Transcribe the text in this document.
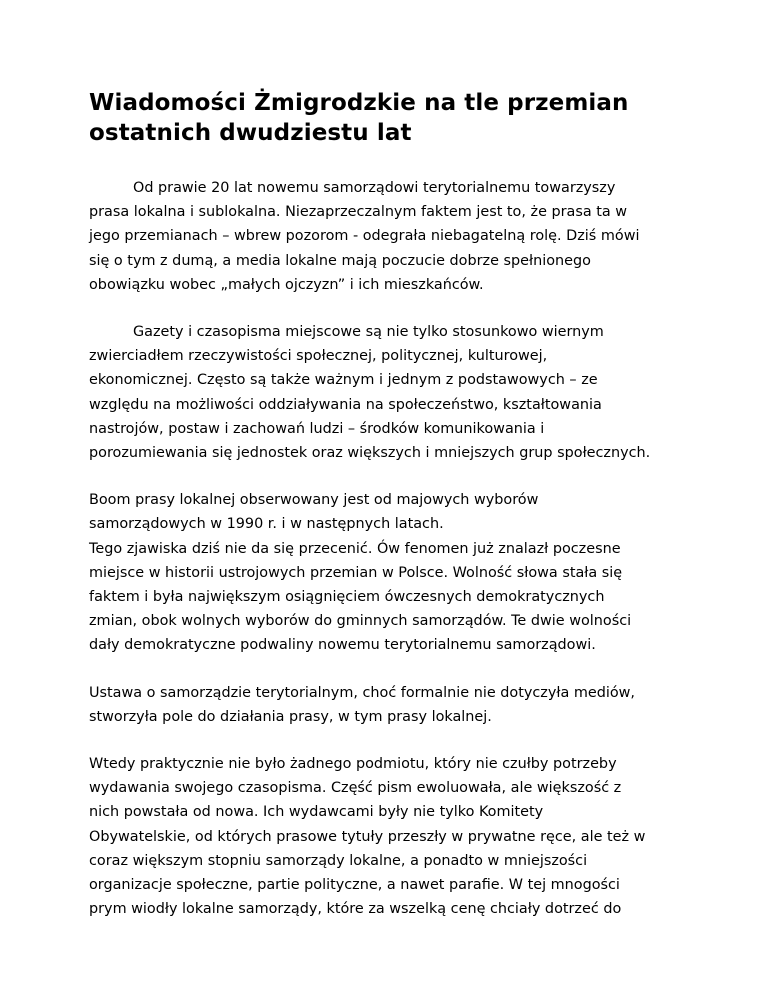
Wiadomości Żmigrodzkie na tle przemian
ostatnich dwudziestu lat

Od prawie 20 lat nowemu samorządowi terytorialnemu towarzyszy
prasa lokalna i sublokalna. Niezaprzeczalnym faktem jest to, że prasa ta w
jego przemianach – wbrew pozorom - odegrała niebagatelną rolę. Dziś mówi
się o tym z dumą, a media lokalne mają poczucie dobrze spełnionego
obowiązku wobec „małych ojczyzn” i ich mieszkańców.

Gazety i czasopisma miejscowe są nie tylko stosunkowo wiernym
zwierciadłem rzeczywistości społecznej, politycznej, kulturowej,
ekonomicznej. Często są także ważnym i jednym z podstawowych – ze
względu na możliwości oddziaływania na społeczeństwo, kształtowania
nastrojów, postaw i zachowań ludzi – środków komunikowania i
porozumiewania się jednostek oraz większych i mniejszych grup społecznych.

Boom prasy lokalnej obserwowany jest od majowych wyborów
samorządowych w 1990 r. i w następnych latach.

Tego zjawiska dziś nie da się przecenić. Ów fenomen już znalazł poczesne
miejsce w historii ustrojowych przemian w Polsce. Wolność słowa stała się
faktem i była największym osiągnięciem ówczesnych demokratycznych
zmian, obok wolnych wyborów do gminnych samorządów. Te dwie wolności
dały demokratyczne podwaliny nowemu terytorialnemu samorządowi.

Ustawa o samorządzie terytorialnym, choć formalnie nie dotyczyła mediów,
stworzyła pole do działania prasy, w tym prasy lokalnej.

Wtedy praktycznie nie było żadnego podmiotu, który nie czułby potrzeby
wydawania swojego czasopisma. Część pism ewoluowała, ale większość z
nich powstała od nowa. Ich wydawcami były nie tylko Komitety
Obywatelskie, od których prasowe tytuły przeszły w prywatne ręce, ale też w
coraz większym stopniu samorządy lokalne, a ponadto w mniejszości
organizacje społeczne, partie polityczne, a nawet parafie. W tej mnogości
prym wiodły lokalne samorządy, które za wszelką cenę chciały dotrzeć do
